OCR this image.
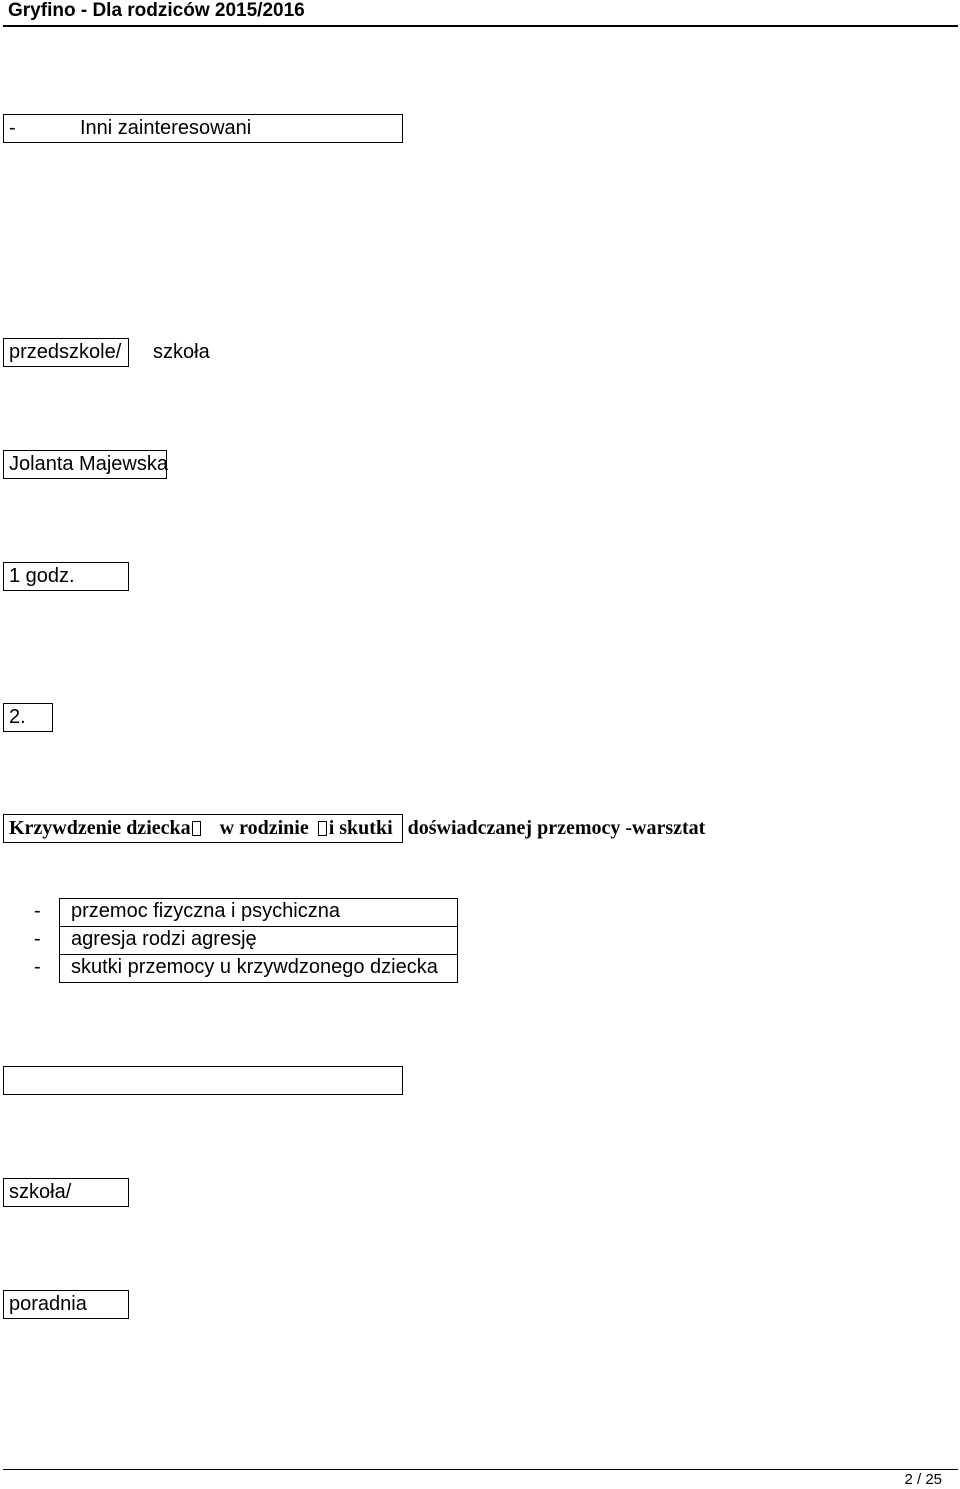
Gryfino - Dla rodziców 2015/2016
-	Inni zainteresowani
przedszkole/ szkoła
Jolanta Majewska
1 godz.
2.
Krzywdzenie dziecka w rodzinie i skutki doświadczanej przemocy -warsztat
- przemoc fizyczna i psychiczna
- agresja rodzi agresję
- skutki przemocy u krzywdzonego dziecka
szkoła/
poradnia
2 / 25
